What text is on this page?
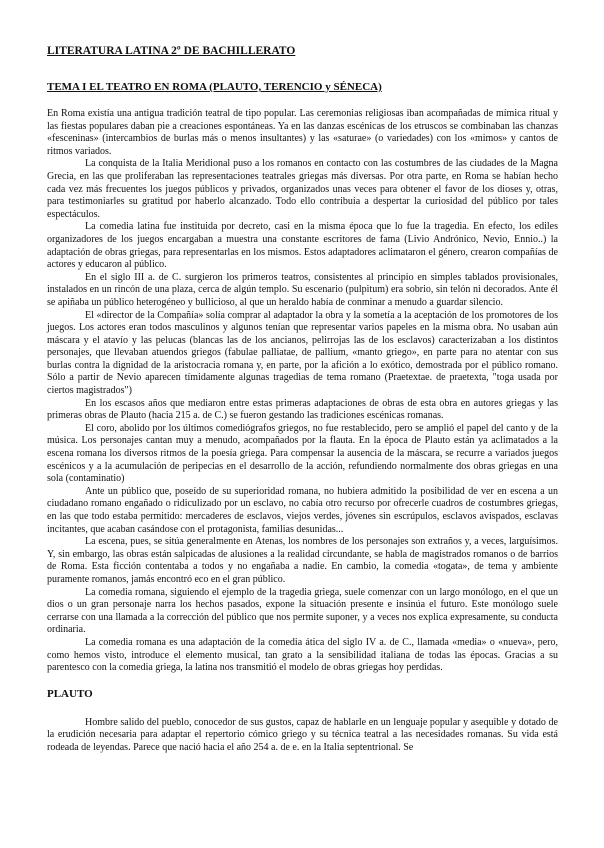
LITERATURA LATINA 2º DE BACHILLERATO
TEMA I EL TEATRO EN ROMA (PLAUTO, TERENCIO y SÉNECA)

En Roma existía una antigua tradición teatral de tipo popular. Las ceremonias religiosas iban acompañadas de mímica ritual y las fiestas populares daban pie a creaciones espontáneas. Ya en las danzas escénicas de los etruscos se combinaban las chanzas «fesceninas» (intercambios de burlas más o menos insultantes) y las «saturae» (o variedades) con los «mimos» y cantos de ritmos variados.

La conquista de la Italia Meridional puso a los romanos en contacto con las costumbres de las ciudades de la Magna Grecia, en las que proliferaban las representaciones teatrales griegas más diversas. Por otra parte, en Roma se habían hecho cada vez más frecuentes los juegos públicos y privados, organizados unas veces para obtener el favor de los dioses y, otras, para testimoniarles su gratitud por haberlo alcanzado. Todo ello contribuía a despertar la curiosidad del público por tales espectáculos.

La comedia latina fue instituida por decreto, casi en la misma época que lo fue la tragedia. En efecto, los ediles organizadores de los juegos encargaban a muestra una constante escritores de fama (Livio Andrónico, Nevio, Ennio..) la adaptación de obras griegas, para representarlas en los mismos. Estos adaptadores aclimataron el género, crearon compañías de actores y educaron al público.

En el siglo III a. de C. surgieron los primeros teatros, consistentes al principio en simples tablados provisionales, instalados en un rincón de una plaza, cerca de algún templo. Su escenario (pulpitum) era sobrio, sin telón ni decorados. Ante él se apiñaba un público heterogéneo y bullicioso, al que un heraldo había de conminar a menudo a guardar silencio.

El «director de la Compañía» solía comprar al adaptador la obra y la sometía a la aceptación de los promotores de los juegos. Los actores eran todos masculinos y algunos tenían que representar varios papeles en la misma obra. No usaban aún máscara y el atavío y las pelucas (blancas las de los ancianos, pelirrojas las de los esclavos) caracterizaban a los distintos personajes, que llevaban atuendos griegos (fabulae palliatae, de pallium, «manto griego», en parte para no atentar con sus burlas contra la dignidad de la aristocracia romana y, en parte, por la afición a lo exótico, demostrada por el público romano. Sólo a partir de Nevio aparecen tímidamente algunas tragedias de tema romano (Praetextae. de praetexta, "toga usada por ciertos magistrados")

En los escasos años que mediaron entre estas primeras adaptaciones de obras de esta obra en autores griegas y las primeras obras de Plauto (hacia 215 a. de C.) se fueron gestando las tradiciones escénicas romanas.

El coro, abolido por los últimos comediógrafos griegos, no fue restablecido, pero se amplió el papel del canto y de la música. Los personajes cantan muy a menudo, acompañados por la flauta. En la época de Plauto están ya aclimatados a la escena romana los diversos ritmos de la poesía griega. Para compensar la ausencia de la máscara, se recurre a variados juegos escénicos y a la acumulación de peripecias en el desarrollo de la acción, refundiendo normalmente dos obras griegas en una sola (contaminatio)

Ante un público que, poseído de su superioridad romana, no hubiera admitido la posibilidad de ver en escena a un ciudadano romano engañado o ridiculizado por un esclavo, no cabía otro recurso por ofrecerle cuadros de costumbres griegas, en las que todo estaba permitido: mercaderes de esclavos, viejos verdes, jóvenes sin escrúpulos, esclavos avispados, esclavas incitantes, que acaban casándose con el protagonista, familias desunidas...

La escena, pues, se sitúa generalmente en Atenas, los nombres de los personajes son extraños y, a veces, larguísimos. Y, sin embargo, las obras están salpicadas de alusiones a la realidad circundante, se habla de magistrados romanos o de barrios de Roma. Esta ficción contentaba a todos y no engañaba a nadie. En cambio, la comedia «togata», de tema y ambiente puramente romanos, jamás encontró eco en el gran público.

La comedia romana, siguiendo el ejemplo de la tragedia griega, suele comenzar con un largo monólogo, en el que un dios o un gran personaje narra los hechos pasados, expone la situación presente e insinúa el futuro. Este monólogo suele cerrarse con una llamada a la corrección del público que nos permite suponer, y a veces nos explica expresamente, su conducta ordinaria.

La comedia romana es una adaptación de la comedia ática del siglo IV a. de C., llamada «media» o «nueva», pero, como hemos visto, introduce el elemento musical, tan grato a la sensibilidad italiana de todas las épocas. Gracias a su parentesco con la comedia griega, la latina nos transmitió el modelo de obras griegas hoy perdidas.

PLAUTO

Hombre salido del pueblo, conocedor de sus gustos, capaz de hablarle en un lenguaje popular y asequible y dotado de la erudición necesaria para adaptar el repertorio cómico griego y su técnica teatral a las necesidades romanas. Su vida está rodeada de leyendas. Parece que nació hacia el año 254 a. de e. en la Italia septentrional. Se
